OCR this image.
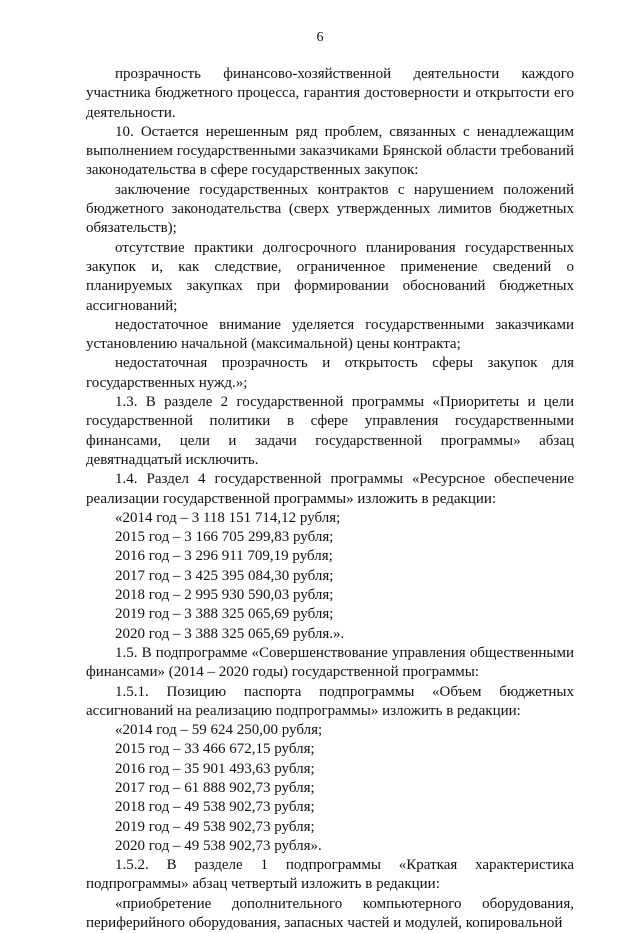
6

прозрачность финансово-хозяйственной деятельности каждого участника бюджетного процесса, гарантия достоверности и открытости его деятельности.

10. Остается нерешенным ряд проблем, связанных с ненадлежащим выполнением государственными заказчиками Брянской области требований законодательства в сфере государственных закупок:

заключение государственных контрактов с нарушением положений бюджетного законодательства (сверх утвержденных лимитов бюджетных обязательств);

отсутствие практики долгосрочного планирования государственных закупок и, как следствие, ограниченное применение сведений о планируемых закупках при формировании обоснований бюджетных ассигнований;

недостаточное внимание уделяется государственными заказчиками установлению начальной (максимальной) цены контракта;

недостаточная прозрачность и открытость сферы закупок для государственных нужд.»;

1.3. В разделе 2 государственной программы «Приоритеты и цели государственной политики в сфере управления государственными финансами, цели и задачи государственной программы» абзац девятнадцатый исключить.

1.4. Раздел 4 государственной программы «Ресурсное обеспечение реализации государственной программы» изложить в редакции:

«2014 год – 3 118 151 714,12 рубля;

2015 год – 3 166 705 299,83 рубля;

2016 год – 3 296 911 709,19 рубля;

2017 год – 3 425 395 084,30 рубля;

2018 год – 2 995 930 590,03 рубля;

2019 год – 3 388 325 065,69 рубля;

2020 год – 3 388 325 065,69 рубля.».

1.5. В подпрограмме «Совершенствование управления общественными финансами» (2014 – 2020 годы) государственной программы:

1.5.1. Позицию паспорта подпрограммы «Объем бюджетных ассигнований на реализацию подпрограммы» изложить в редакции:

«2014 год – 59 624 250,00 рубля;

2015 год – 33 466 672,15 рубля;

2016 год – 35 901 493,63 рубля;

2017 год – 61 888 902,73 рубля;

2018 год – 49 538 902,73 рубля;

2019 год – 49 538 902,73 рубля;

2020 год – 49 538 902,73 рубля».

1.5.2. В разделе 1 подпрограммы «Краткая характеристика подпрограммы» абзац четвертый изложить в редакции:

«приобретение дополнительного компьютерного оборудования, периферийного оборудования, запасных частей и модулей, копировальной
